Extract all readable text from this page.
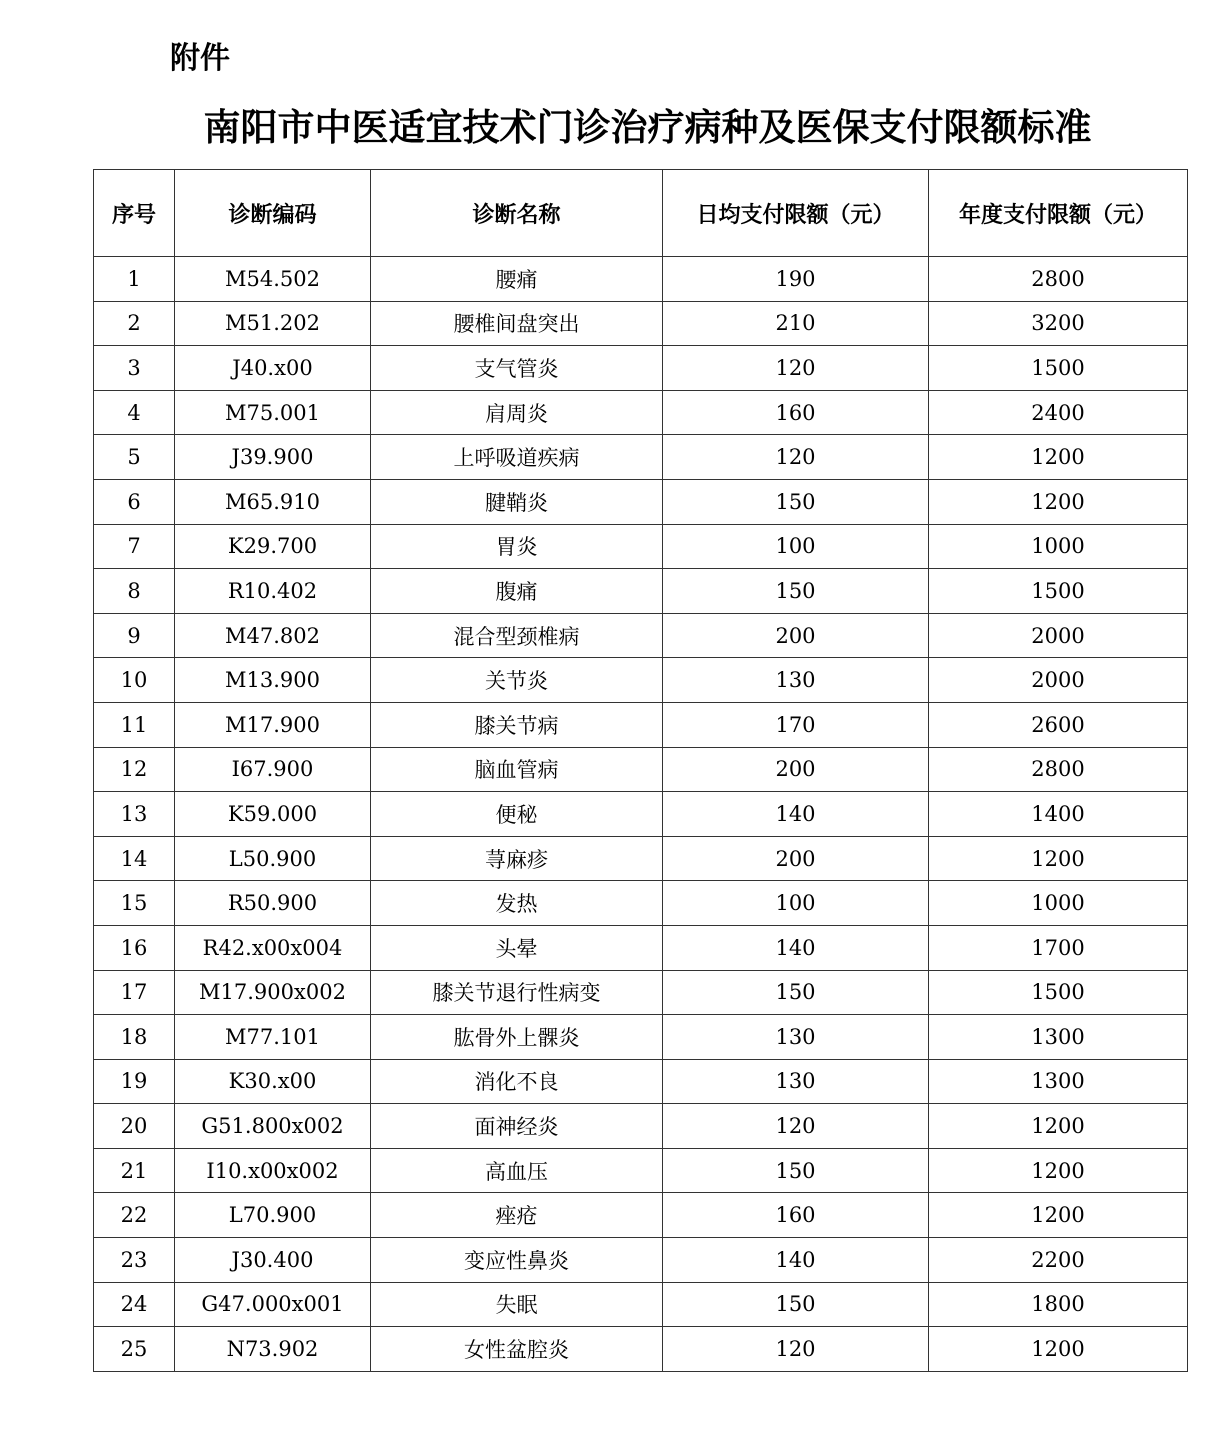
附件

南阳市中医适宜技术门诊治疗病种及医保支付限额标准
序号	诊断编码	诊断名称	日均支付限额（元）	年度支付限额（元）
1	M54.502	腰痛	190	2800
2	M51.202	腰椎间盘突出	210	3200
3	J40.x00	支气管炎	120	1500
4	M75.001	肩周炎	160	2400
5	J39.900	上呼吸道疾病	120	1200
6	M65.910	腱鞘炎	150	1200
7	K29.700	胃炎	100	1000
8	R10.402	腹痛	150	1500
9	M47.802	混合型颈椎病	200	2000
10	M13.900	关节炎	130	2000
11	M17.900	膝关节病	170	2600
12	I67.900	脑血管病	200	2800
13	K59.000	便秘	140	1400
14	L50.900	荨麻疹	200	1200
15	R50.900	发热	100	1000
16	R42.x00x004	头晕	140	1700
17	M17.900x002	膝关节退行性病变	150	1500
18	M77.101	肱骨外上髁炎	130	1300
19	K30.x00	消化不良	130	1300
20	G51.800x002	面神经炎	120	1200
21	I10.x00x002	高血压	150	1200
22	L70.900	痤疮	160	1200
23	J30.400	变应性鼻炎	140	2200
24	G47.000x001	失眠	150	1800
25	N73.902	女性盆腔炎	120	1200
